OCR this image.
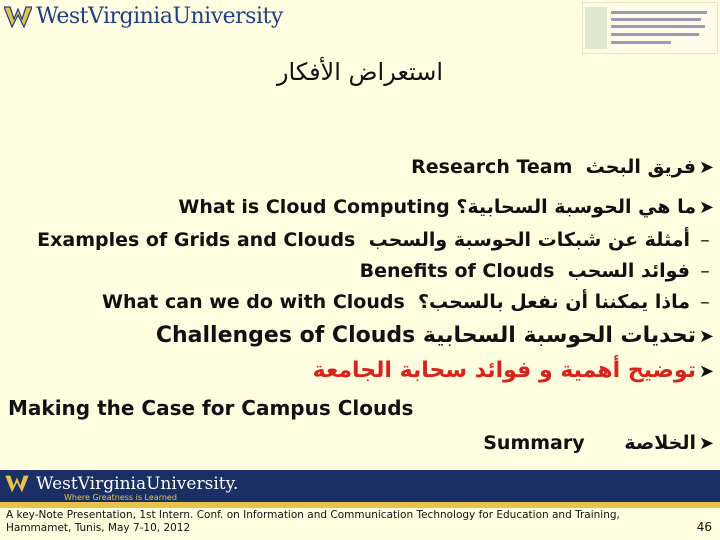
WestVirginiaUniversity
استعراض الأفكار
➤فريق البحث  Research Team
➤ما هي الحوسبة السحابية؟ What is Cloud Computing
–أمثلة عن شبكات الحوسبة والسحب  Examples of Grids and Clouds
–فوائد السحب  Benefits of Clouds
–ماذا يمكننا أن نفعل بالسحب؟  What can we do with Clouds
➤تحديات الحوسبة السحابية Challenges of Clouds
➤توضيح أهمية و فوائد سحابة الجامعة
Making the Case for Campus Clouds
➤الخلاصة      Summary
WestVirginiaUniversity.
Where Greatness is Learned
A key-Note Presentation, 1st Intern. Conf. on Information and Communication Technology for Education and Training, Hammamet, Tunis, May 7-10, 2012	46
